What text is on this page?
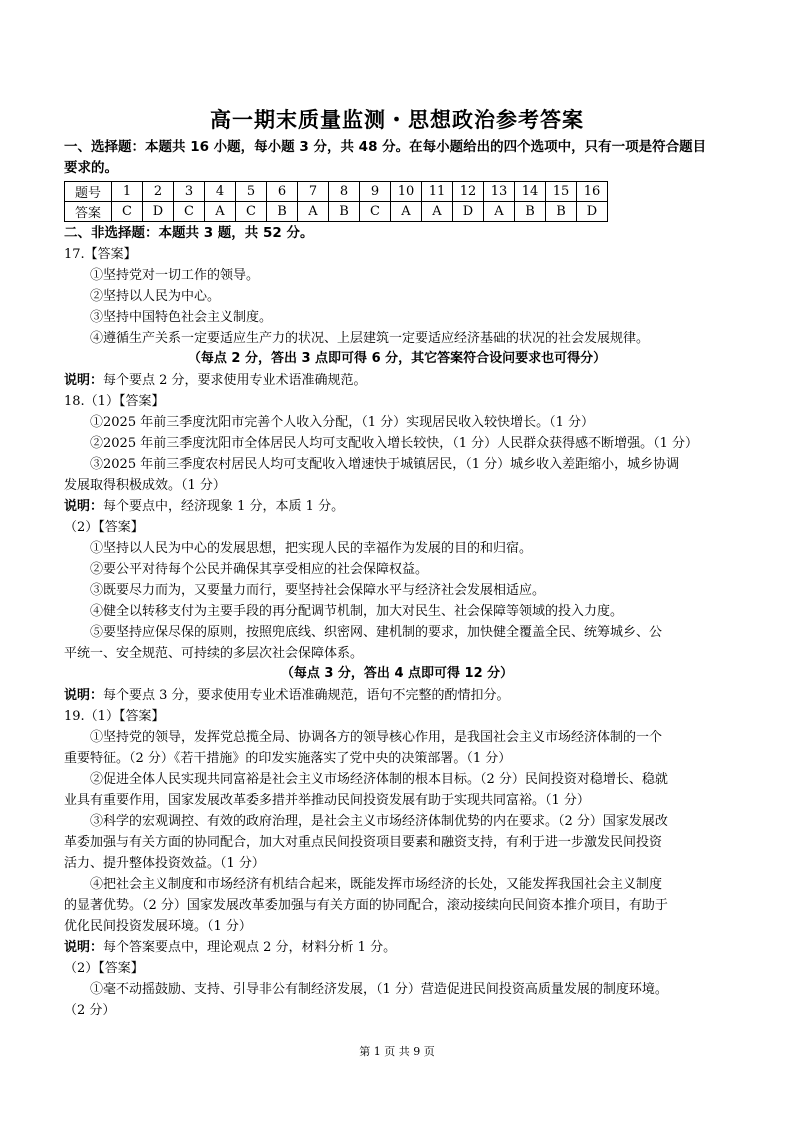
高一期末质量监测・思想政治参考答案
一、选择题：本题共 16 小题，每小题 3 分，共 48 分。在每小题给出的四个选项中，只有一项是符合题目
要求的。
题号	1	2	3	4	5	6	7	8	9	10	11	12	13	14	15	16
答案	C	D	C	A	C	B	A	B	C	A	A	D	A	B	B	D
二、非选择题：本题共 3 题，共 52 分。
17.【答案】
①坚持党对一切工作的领导。
②坚持以人民为中心。
③坚持中国特色社会主义制度。
④遵循生产关系一定要适应生产力的状况、上层建筑一定要适应经济基础的状况的社会发展规律。
（每点 2 分，答出 3 点即可得 6 分，其它答案符合设问要求也可得分）
说明：每个要点 2 分，要求使用专业术语准确规范。
18.（1）【答案】
①2025 年前三季度沈阳市完善个人收入分配，（1 分）实现居民收入较快增长。（1 分）
②2025 年前三季度沈阳市全体居民人均可支配收入增长较快，（1 分）人民群众获得感不断增强。（1 分）
③2025 年前三季度农村居民人均可支配收入增速快于城镇居民，（1 分）城乡收入差距缩小，城乡协调
发展取得积极成效。（1 分）
说明：每个要点中，经济现象 1 分，本质 1 分。
（2）【答案】
①坚持以人民为中心的发展思想，把实现人民的幸福作为发展的目的和归宿。
②要公平对待每个公民并确保其享受相应的社会保障权益。
③既要尽力而为，又要量力而行，要坚持社会保障水平与经济社会发展相适应。
④健全以转移支付为主要手段的再分配调节机制，加大对民生、社会保障等领域的投入力度。
⑤要坚持应保尽保的原则，按照兜底线、织密网、建机制的要求，加快健全覆盖全民、统筹城乡、公
平统一、安全规范、可持续的多层次社会保障体系。
（每点 3 分，答出 4 点即可得 12 分）
说明：每个要点 3 分，要求使用专业术语准确规范，语句不完整的酌情扣分。
19.（1）【答案】
①坚持党的领导，发挥党总揽全局、协调各方的领导核心作用，是我国社会主义市场经济体制的一个
重要特征。（2 分）《若干措施》的印发实施落实了党中央的决策部署。（1 分）
②促进全体人民实现共同富裕是社会主义市场经济体制的根本目标。（2 分）民间投资对稳增长、稳就
业具有重要作用，国家发展改革委多措并举推动民间投资发展有助于实现共同富裕。（1 分）
③科学的宏观调控、有效的政府治理，是社会主义市场经济体制优势的内在要求。（2 分）国家发展改
革委加强与有关方面的协同配合，加大对重点民间投资项目要素和融资支持，有利于进一步激发民间投资
活力、提升整体投资效益。（1 分）
④把社会主义制度和市场经济有机结合起来，既能发挥市场经济的长处，又能发挥我国社会主义制度
的显著优势。（2 分）国家发展改革委加强与有关方面的协同配合，滚动接续向民间资本推介项目，有助于
优化民间投资发展环境。（1 分）
说明：每个答案要点中，理论观点 2 分，材料分析 1 分。
（2）【答案】
①毫不动摇鼓励、支持、引导非公有制经济发展，（1 分）营造促进民间投资高质量发展的制度环境。
（2 分）
第 1 页 共 9 页
